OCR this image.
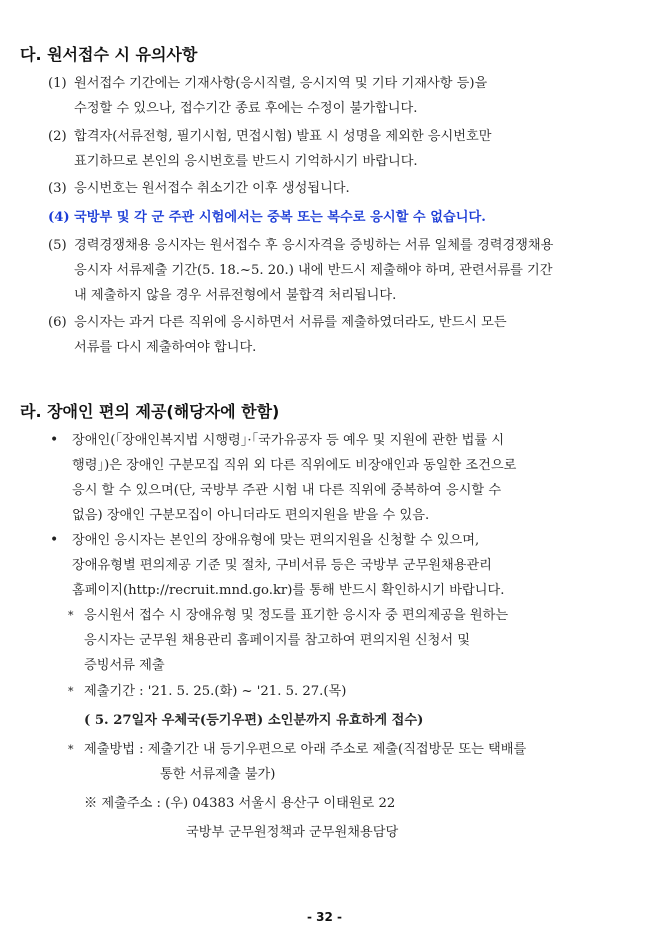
다. 원서접수 시 유의사항
(1) 원서접수 기간에는 기재사항(응시직렬, 응시지역 및 기타 기재사항 등)을
수정할 수 있으나, 접수기간 종료 후에는 수정이 불가합니다.
(2) 합격자(서류전형, 필기시험, 면접시험) 발표 시 성명을 제외한 응시번호만
표기하므로 본인의 응시번호를 반드시 기억하시기 바랍니다.
(3) 응시번호는 원서접수 취소기간 이후 생성됩니다.
(4) 국방부 및 각 군 주관 시험에서는 중복 또는 복수로 응시할 수 없습니다.
(5) 경력경쟁채용 응시자는 원서접수 후 응시자격을 증빙하는 서류 일체를 경력경쟁채용
응시자 서류제출 기간(5. 18.~5. 20.) 내에 반드시 제출해야 하며, 관련서류를 기간
내 제출하지 않을 경우 서류전형에서 불합격 처리됩니다.
(6) 응시자는 과거 다른 직위에 응시하면서 서류를 제출하였더라도, 반드시 모든
서류를 다시 제출하여야 합니다.
라. 장애인 편의 제공(해당자에 한함)
• 장애인(「장애인복지법 시행령」·「국가유공자 등 예우 및 지원에 관한 법률 시
행령」)은 장애인 구분모집 직위 외 다른 직위에도 비장애인과 동일한 조건으로
응시 할 수 있으며(단, 국방부 주관 시험 내 다른 직위에 중복하여 응시할 수
없음) 장애인 구분모집이 아니더라도 편의지원을 받을 수 있음.
• 장애인 응시자는 본인의 장애유형에 맞는 편의지원을 신청할 수 있으며,
장애유형별 편의제공 기준 및 절차, 구비서류 등은 국방부 군무원채용관리
홈페이지(http://recruit.mnd.go.kr)를 통해 반드시 확인하시기 바랍니다.
* 응시원서 접수 시 장애유형 및 정도를 표기한 응시자 중 편의제공을 원하는
응시자는 군무원 채용관리 홈페이지를 참고하여 편의지원 신청서 및
증빙서류 제출
* 제출기간 : '21. 5. 25.(화) ~ '21. 5. 27.(목)
( 5. 27일자 우체국(등기우편) 소인분까지 유효하게 접수)
* 제출방법 : 제출기간 내 등기우편으로 아래 주소로 제출(직접방문 또는 택배를
통한 서류제출 불가)
※ 제출주소 : (우) 04383 서울시 용산구 이태원로 22
국방부 군무원정책과 군무원채용담당
- 32 -
